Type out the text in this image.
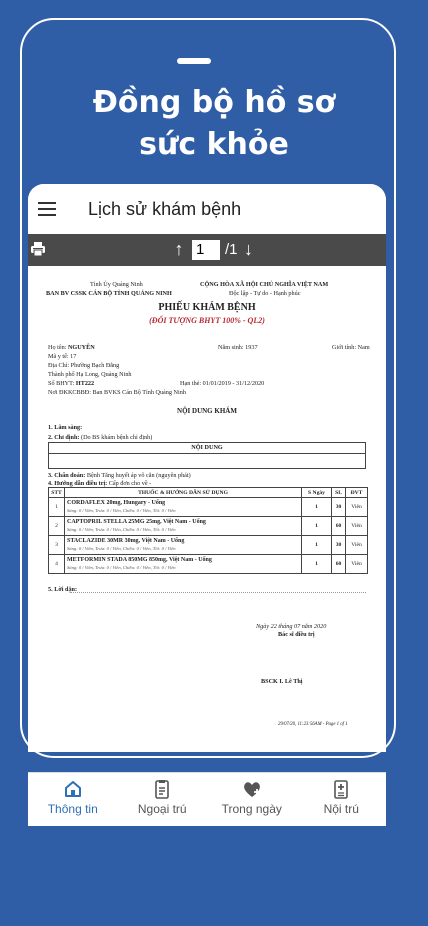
Đồng bộ hồ sơ
sức khỏe
Lịch sử khám bệnh
↑
1	/1 ↓
Tỉnh Ủy Quảng Ninh
BAN BV CSSK CÁN BỘ TỈNH QUẢNG NINH
CỘNG HÒA XÃ HỘI CHỦ NGHĨA VIỆT NAM
Độc lập - Tự do - Hạnh phúc
PHIẾU KHÁM BỆNH
(ĐỐI TƯỢNG BHYT 100% - QL2)
Họ tên: NGUYÊN	Năm sinh: 1937	Giới tính: Nam
Mã y tế: 17
Địa Chỉ: Phường Bạch Đằng
Thành phố Hạ Long, Quảng Ninh
Số BHYT: HT222	Hạn thẻ: 01/01/2019 - 31/12/2020
Nơi ĐKKCBBĐ: Ban BVKS Cán Bộ Tỉnh Quảng Ninh
NỘI DUNG KHÁM
1. Lâm sàng:
2. Chỉ định: (Do BS khám bệnh chỉ định)
NỘI DUNG
3. Chẩn đoán: Bệnh Tăng huyết áp vô căn (nguyên phát)
4. Hướng dẫn điều trị: Cấp đơn cho về -
STT	THUỐC & HƯỚNG DẪN SỬ DỤNG	S Ngày	SL	ĐVT
1	CORDAFLEX 20mg, Hungary - Uống
Sáng: 0 / Viên, Trưa: 0 / Viên, Chiều: 0 / Viên, Tối: 0 / Viên	1	30	Viên
2	CAPTOPRIL STELLA 25MG 25mg, Việt Nam - Uống
Sáng: 0 / Viên, Trưa: 0 / Viên, Chiều: 0 / Viên, Tối: 0 / Viên	1	60	Viên
3	STACLAZIDE 30MR 30mg, Việt Nam - Uống
Sáng: 0 / Viên, Trưa: 0 / Viên, Chiều: 0 / Viên, Tối: 0 / Viên	1	30	Viên
4	METFORMIN STADA 850MG 850mg, Việt Nam - Uống
Sáng: 0 / Viên, Trưa: 0 / Viên, Chiều: 0 / Viên, Tối: 0 / Viên	1	60	Viên
5. Lời dặn:
Ngày 22 tháng 07 năm 2020
Bác sĩ điều trị
BSCK I. Lê Thị
29/07/20, 11:23:56AM - Page 1 of 1
Thông tin	Ngoại trú	Trong ngày	Nội trú
